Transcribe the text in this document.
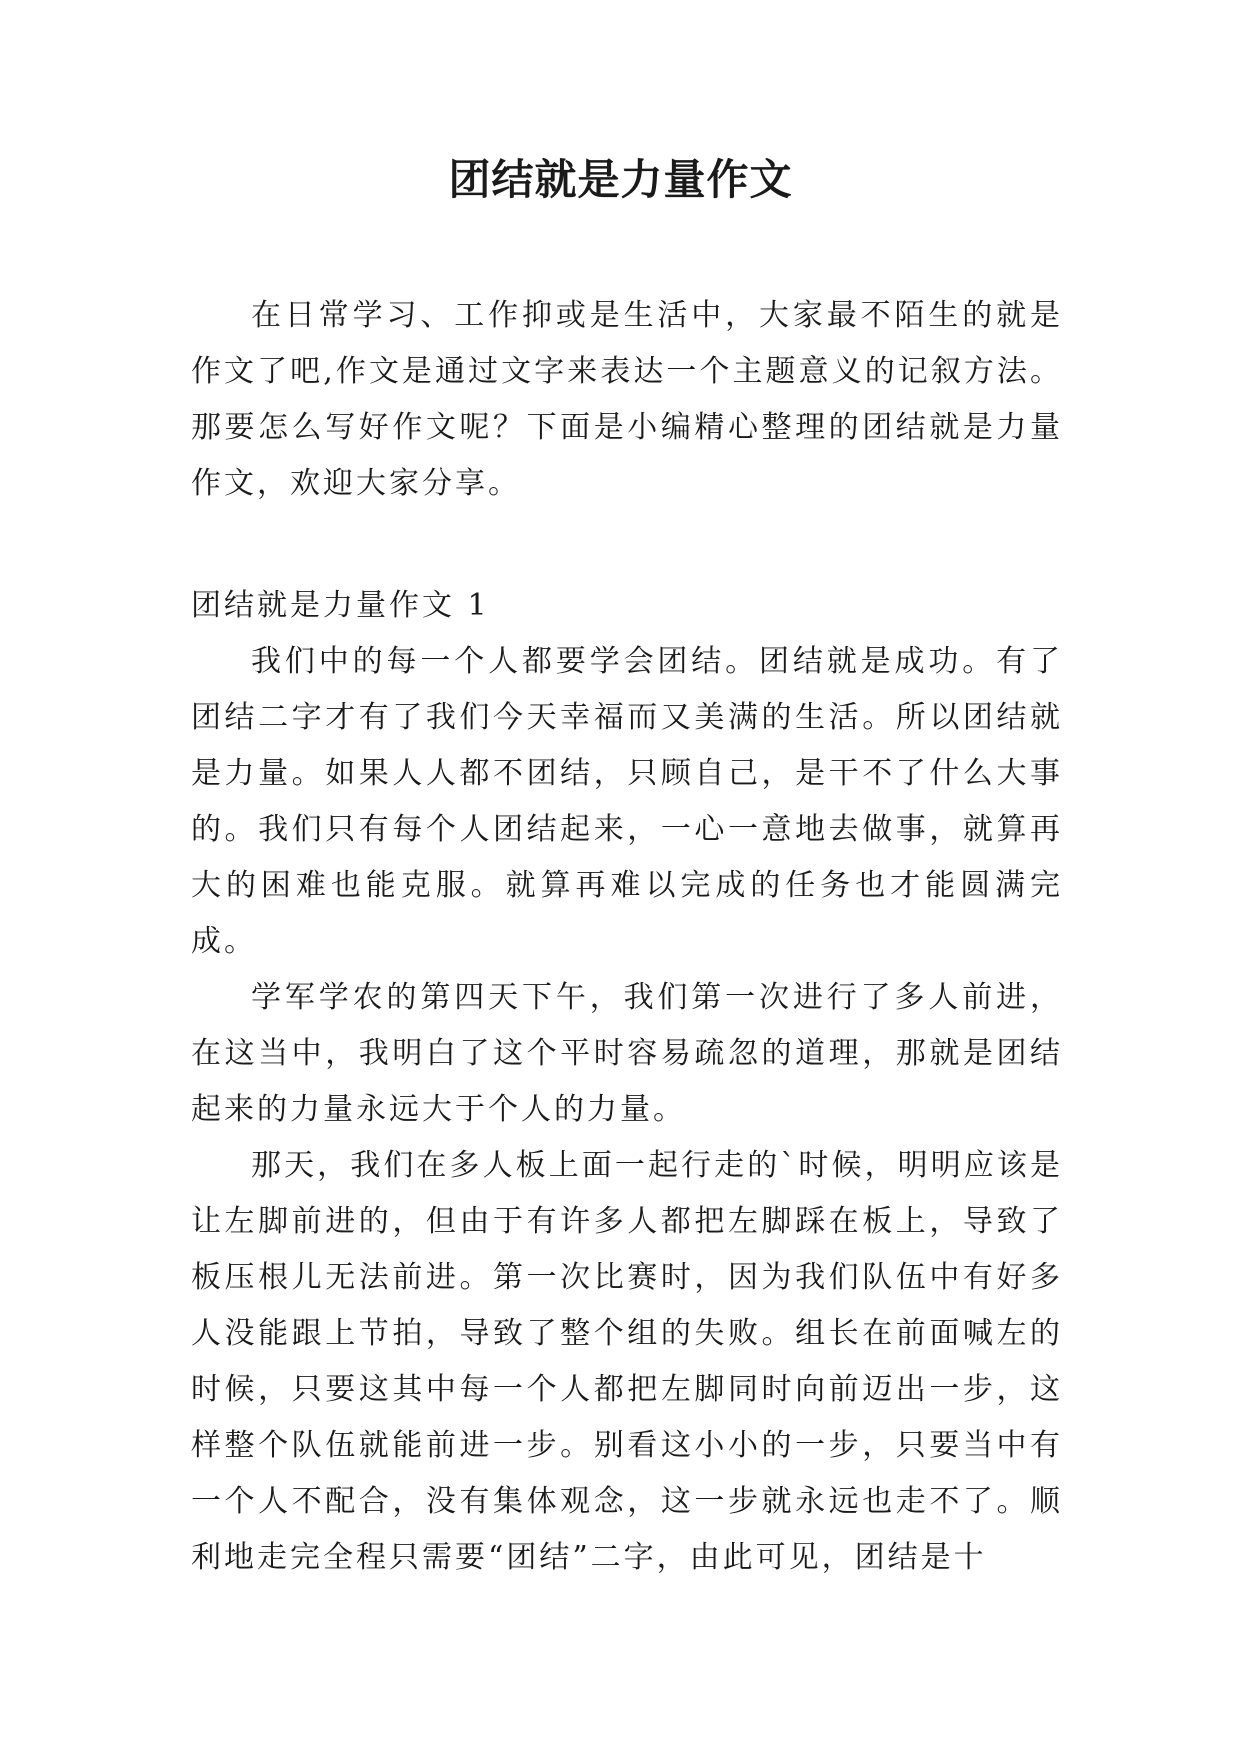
团结就是力量作文

在日常学习、工作抑或是生活中，大家最不陌生的就是作文了吧,作文是通过文字来表达一个主题意义的记叙方法。那要怎么写好作文呢？下面是小编精心整理的团结就是力量作文，欢迎大家分享。

团结就是力量作文 1

我们中的每一个人都要学会团结。团结就是成功。有了团结二字才有了我们今天幸福而又美满的生活。所以团结就是力量。如果人人都不团结，只顾自己，是干不了什么大事的。我们只有每个人团结起来，一心一意地去做事，就算再大的困难也能克服。就算再难以完成的任务也才能圆满完成。

学军学农的第四天下午，我们第一次进行了多人前进，在这当中，我明白了这个平时容易疏忽的道理，那就是团结起来的力量永远大于个人的力量。

那天，我们在多人板上面一起行走的`时候，明明应该是让左脚前进的，但由于有许多人都把左脚踩在板上，导致了板压根儿无法前进。第一次比赛时，因为我们队伍中有好多人没能跟上节拍，导致了整个组的失败。组长在前面喊左的时候，只要这其中每一个人都把左脚同时向前迈出一步，这样整个队伍就能前进一步。别看这小小的一步，只要当中有一个人不配合，没有集体观念，这一步就永远也走不了。顺利地走完全程只需要“团结”二字，由此可见，团结是十
